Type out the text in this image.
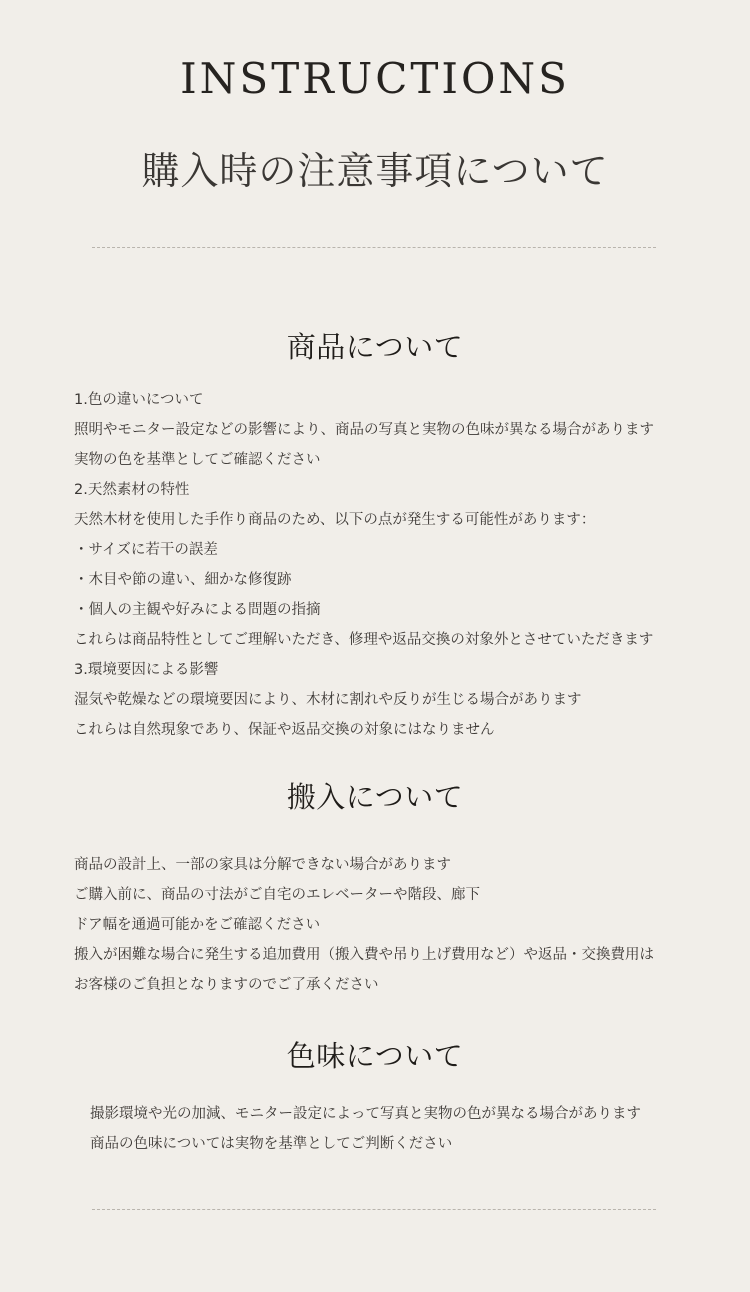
INSTRUCTIONS
購入時の注意事項について
商品について
1.色の違いについて
照明やモニター設定などの影響により、商品の写真と実物の色味が異なる場合があります
実物の色を基準としてご確認ください
2.天然素材の特性
天然木材を使用した手作り商品のため、以下の点が発生する可能性があります：
・サイズに若干の誤差
・木目や節の違い、細かな修復跡
・個人の主観や好みによる問題の指摘
これらは商品特性としてご理解いただき、修理や返品交換の対象外とさせていただきます
3.環境要因による影響
湿気や乾燥などの環境要因により、木材に割れや反りが生じる場合があります
これらは自然現象であり、保証や返品交換の対象にはなりません
搬入について
商品の設計上、一部の家具は分解できない場合があります
ご購入前に、商品の寸法がご自宅のエレベーターや階段、廊下
ドア幅を通過可能かをご確認ください
搬入が困難な場合に発生する追加費用（搬入費や吊り上げ費用など）や返品・交換費用は
お客様のご負担となりますのでご了承ください
色味について
撮影環境や光の加減、モニター設定によって写真と実物の色が異なる場合があります
商品の色味については実物を基準としてご判断ください
